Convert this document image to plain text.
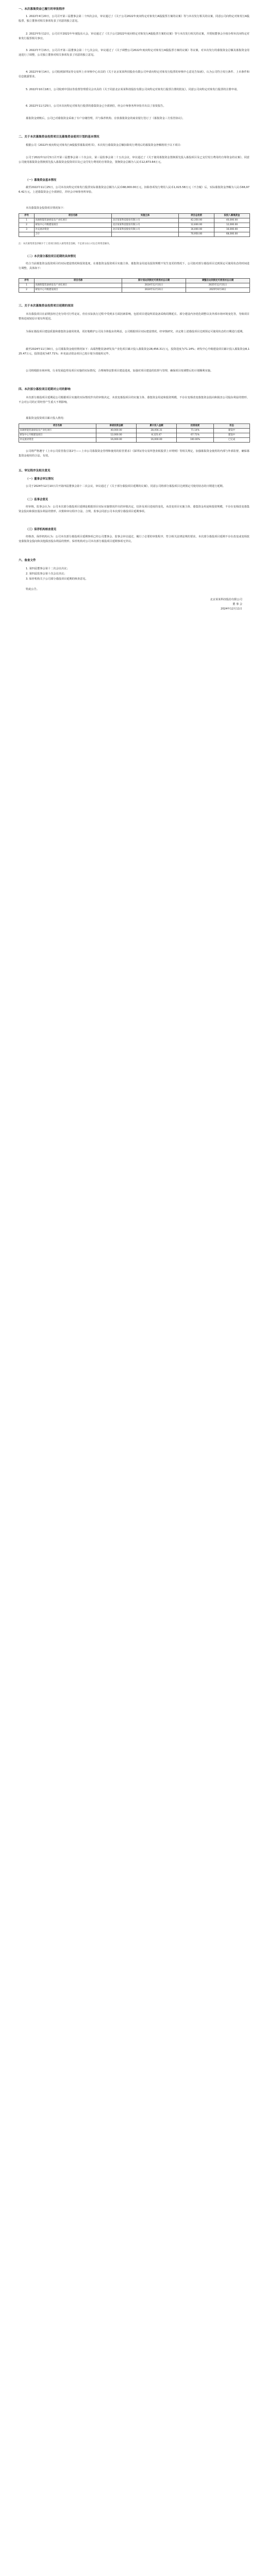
一、本次募集资金已履行的审批程序
1. 2022年4月20日，公司召开第三届董事会第二十四次会议，审议通过了《关于公司2022年度向特定对象发行A股股票方案的议案》等与本次发行相关的议案，同意公司向特定对象发行A股股票，独立董事对相关事项发表了同意的独立意见。
2. 2022年5月12日，公司召开2021年年度股东大会，审议通过了《关于公司2022年度向特定对象发行A股股票方案的议案》等与本次发行相关的议案，并授权董事会全权办理本次向特定对象发行股票相关事宜。
3. 2022年7月15日，公司召开第三届董事会第二十七次会议，审议通过了《关于调整公司2022年度向特定对象发行A股股票方案的议案》等议案，对本次发行的募集资金总额及募集资金用途进行了调整，公司独立董事对相关事项发表了同意的独立意见。
4. 2022年9月14日，公司收到深圳证券交易所上市审核中心出具的《关于北京某某科技股份有限公司申请向特定对象发行股票的审核中心意见告知函》，认为公司符合发行条件、上市条件和信息披露要求。
5. 2022年10月18日，公司收到中国证券监督管理委员会出具的《关于同意北京某某科技股份有限公司向特定对象发行股票注册的批复》，同意公司向特定对象发行股票的注册申请。
6. 2022年11月25日，公司本次向特定对象发行股票的募集资金已全部到位，经会计师事务所审验并出具了验资报告。
募集资金到账后，公司已对募集资金采取了专户存储管理，并与保荐机构、存放募集资金的商业银行签订了《募集资金三方监管协议》。
二、关于本次募集资金投资项目及募集资金使用计划的基本情况
根据公司《2022年度向特定对象发行A股股票募集说明书》，本次发行募集资金总额扣除发行费用后的募集资金净额将用于以下项目：
公司于2022年12月5日召开第三届董事会第三十次会议、第三届监事会第二十五次会议，审议通过了《关于使用募集资金置换预先投入募投项目及已支付发行费用的自筹资金的议案》，同意公司使用募集资金置换预先投入募集资金投资项目及已支付发行费用的自筹资金，置换资金总额为人民币12,873.64万元。
（一）募集资金基本情况
截至2022年11月25日，公司本次向特定对象发行股票实际募集资金总额为人民币68,000.00万元，扣除各项发行费用人民币1,023.58万元（不含税）后，实际募集资金净额为人民币66,976.42万元。上述募集资金已全部到位，并经会计师事务所审验。
本次募集资金投资项目情况如下：
序号	项目名称	实施主体	项目总投资	拟投入募集资金
1	高端智能装备研发及产业化项目	北京某某科技股份有限公司	42,350.00	40,000.00
2	研发中心升级建设项目	北京某某科技股份有限公司	12,600.00	12,000.00
3	补充流动资金	北京某某科技股份有限公司	16,000.00	16,000.00
	合计		70,950.00	68,000.00
注：本次募集资金净额少于上述项目拟投入募集资金金额，不足部分由公司以自筹资金解决。
（二）本次部分募投项目延期的具体情况
结合当前募集资金投资项目的实际建设情况和投资进度，在募集资金投资项目实施主体、募集资金用途及投资规模不发生变更的情况下，公司拟对部分募投项目达到预定可使用状态的时间进行调整，具体如下：
序号	项目名称	原计划达到预定可使用状态日期	调整后达到预定可使用状态日期
1	高端智能装备研发及产业化项目	2024年12月31日	2025年12月31日
2	研发中心升级建设项目	2024年12月31日	2025年6月30日
三、关于本次募集资金投资项目延期的原因
本次募投项目在前期虽经过充分的可行性论证，但在实际执行过程中受到多方面因素影响，包括项目建设所需设备采购周期延长、部分建设内容优化调整以及外部市场环境变化等，导致项目整体进度较原计划有所延迟。
为保证募投项目建设质量和募集资金使用效果，更好地维护公司及全体股东的利益，公司根据项目实际建设情况，经审慎研究，决定将上述募投项目达到预定可使用状态的日期进行延期。
截至2024年11月30日，公司募集资金使用情况如下：高端智能装备研发及产业化项目累计投入募集资金28,456.31万元，投资进度为71.14%；研发中心升级建设项目累计投入募集资金8,125.47万元，投资进度为67.71%；补充流动资金项目已按计划全部使用完毕。
公司将根据市场环境、行业发展趋势及项目实施的实际情况，合理统筹安排项目建设进度，加强对项目建设的监督与管理，确保项目按调整后的计划顺利实施。
四、本次部分募投项目延期对公司的影响
本次部分募投项目延期是公司根据项目实施的实际情况作出的审慎决定，未改变募投项目的实施主体、募集资金用途和投资规模，不存在变相改变募集资金投向和损害公司股东利益的情形，不会对公司的正常经营产生重大不利影响。
募集资金投资项目累计投入情况：
项目名称	承诺投资总额	累计投入金额	投资进度	状态
高端智能装备研发及产业化项目	40,000.00	28,456.31	71.14%	建设中
研发中心升级建设项目	12,000.00	8,125.47	67.71%	建设中
补充流动资金	16,000.00	16,000.00	100.00%	已完成
公司将严格遵守《上市公司监管指引第2号——上市公司募集资金管理和使用的监管要求》《深圳证券交易所创业板股票上市规则》等相关规定，加强募集资金使用的内部与外部监督，确保募集资金使用的合法、有效。
五、审议程序及相关意见
（一）董事会审议情况
公司于2024年12月10日召开第四届董事会第十二次会议，审议通过了《关于部分募投项目延期的议案》，同意公司将部分募投项目达到预定可使用状态的日期进行延期。
（二）监事会意见
经审核，监事会认为：公司本次部分募投项目延期是根据项目实际实施情况作出的审慎决定，仅涉及项目进度的变化，未改变项目实施主体、募集资金用途和投资规模，不存在变相改变募集资金投向和损害股东利益的情形，决策和审议程序合法、合规。监事会同意公司本次部分募投项目延期事项。
（三）保荐机构核查意见
经核查，保荐机构认为：公司本次部分募投项目延期事项已经公司董事会、监事会审议通过，履行了必要的审批程序，符合相关法律法规的要求。本次部分募投项目延期不存在改变或变相改变募集资金投向和其他损害股东利益的情形。保荐机构对公司本次部分募投项目延期事项无异议。
六、备查文件
1. 第四届董事会第十二次会议决议；
2. 第四届监事会第十次会议决议；
3. 保荐机构关于公司部分募投项目延期的核查意见。
特此公告。
北京某某科技股份有限公司
董 事 会
2024年12月11日
